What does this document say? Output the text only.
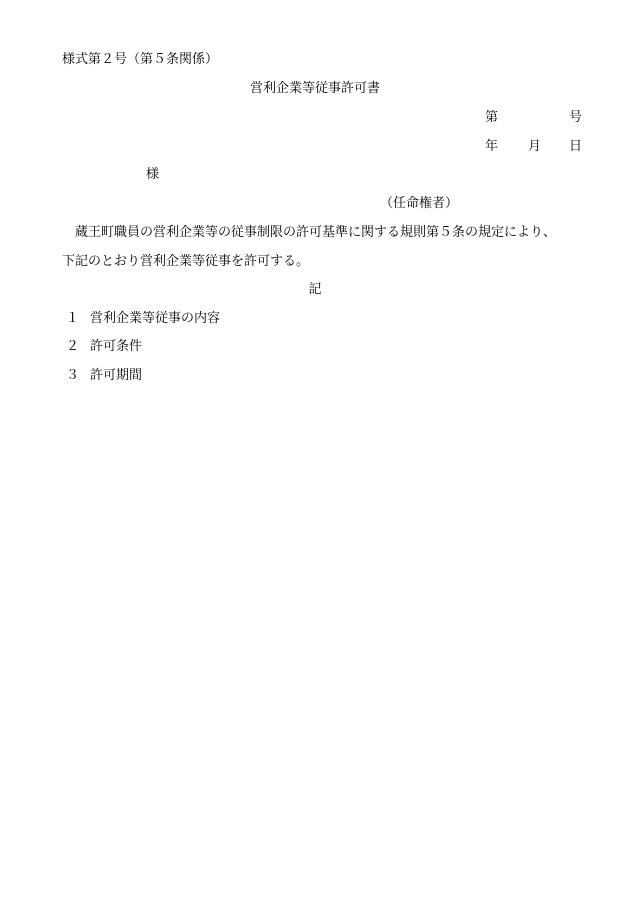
様式第２号（第５条関係）
営利企業等従事許可書
第	号
年 月 日
様
（任命権者）
蔵王町職員の営利企業等の従事制限の許可基準に関する規則第５条の規定により、
下記のとおり営利企業等従事を許可する。
記
１ 営利企業等従事の内容
２ 許可条件
３ 許可期間
